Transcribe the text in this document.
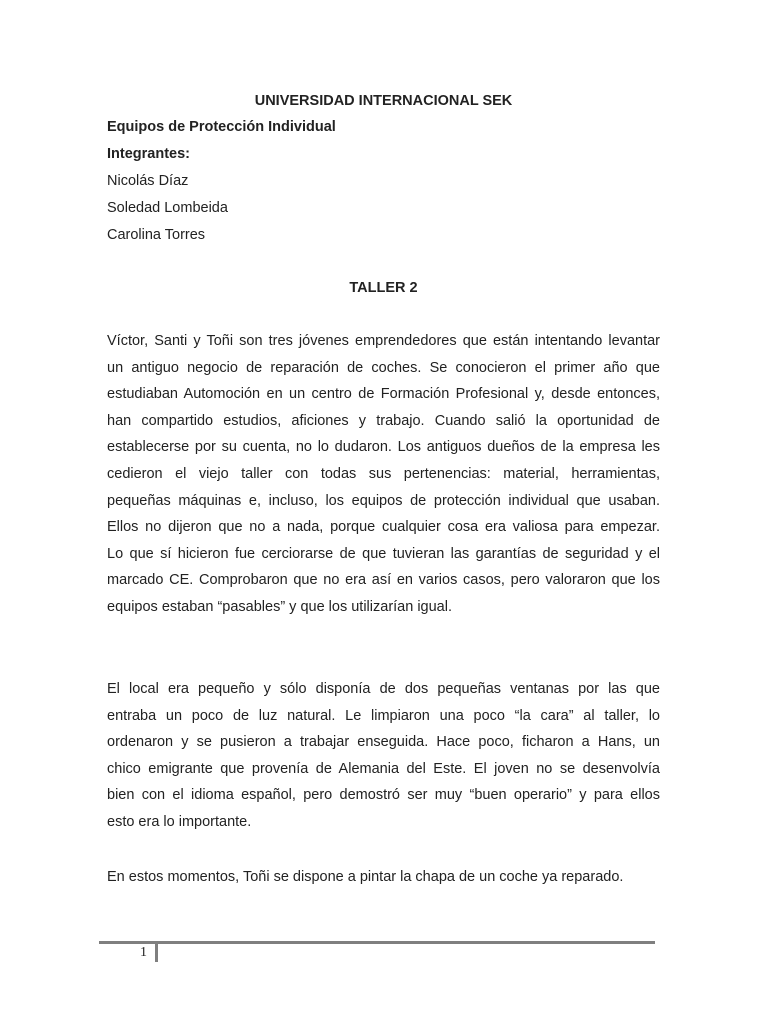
UNIVERSIDAD INTERNACIONAL SEK
Equipos de Protección Individual
Integrantes:
Nicolás Díaz
Soledad Lombeida
Carolina Torres
TALLER 2
Víctor, Santi y Toñi son tres jóvenes emprendedores que están intentando levantar
un antiguo negocio de reparación de coches. Se conocieron el primer año que
estudiaban Automoción en un centro de Formación Profesional y, desde entonces,
han compartido estudios, aficiones y trabajo. Cuando salió la oportunidad de
establecerse por su cuenta, no lo dudaron. Los antiguos dueños de la empresa les
cedieron el viejo taller con todas sus pertenencias: material, herramientas,
pequeñas máquinas e, incluso, los equipos de protección individual que usaban.
Ellos no dijeron que no a nada, porque cualquier cosa era valiosa para empezar.
Lo que sí hicieron fue cerciorarse de que tuvieran las garantías de seguridad y el
marcado CE. Comprobaron que no era así en varios casos, pero valoraron que los
equipos estaban “pasables” y que los utilizarían igual.
El local era pequeño y sólo disponía de dos pequeñas ventanas por las que
entraba un poco de luz natural. Le limpiaron una poco “la cara” al taller, lo
ordenaron y se pusieron a trabajar enseguida. Hace poco, ficharon a Hans, un
chico emigrante que provenía de Alemania del Este. El joven no se desenvolvía
bien con el idioma español, pero demostró ser muy “buen operario” y para ellos
esto era lo importante.
En estos momentos, Toñi se dispone a pintar la chapa de un coche ya reparado.
1
